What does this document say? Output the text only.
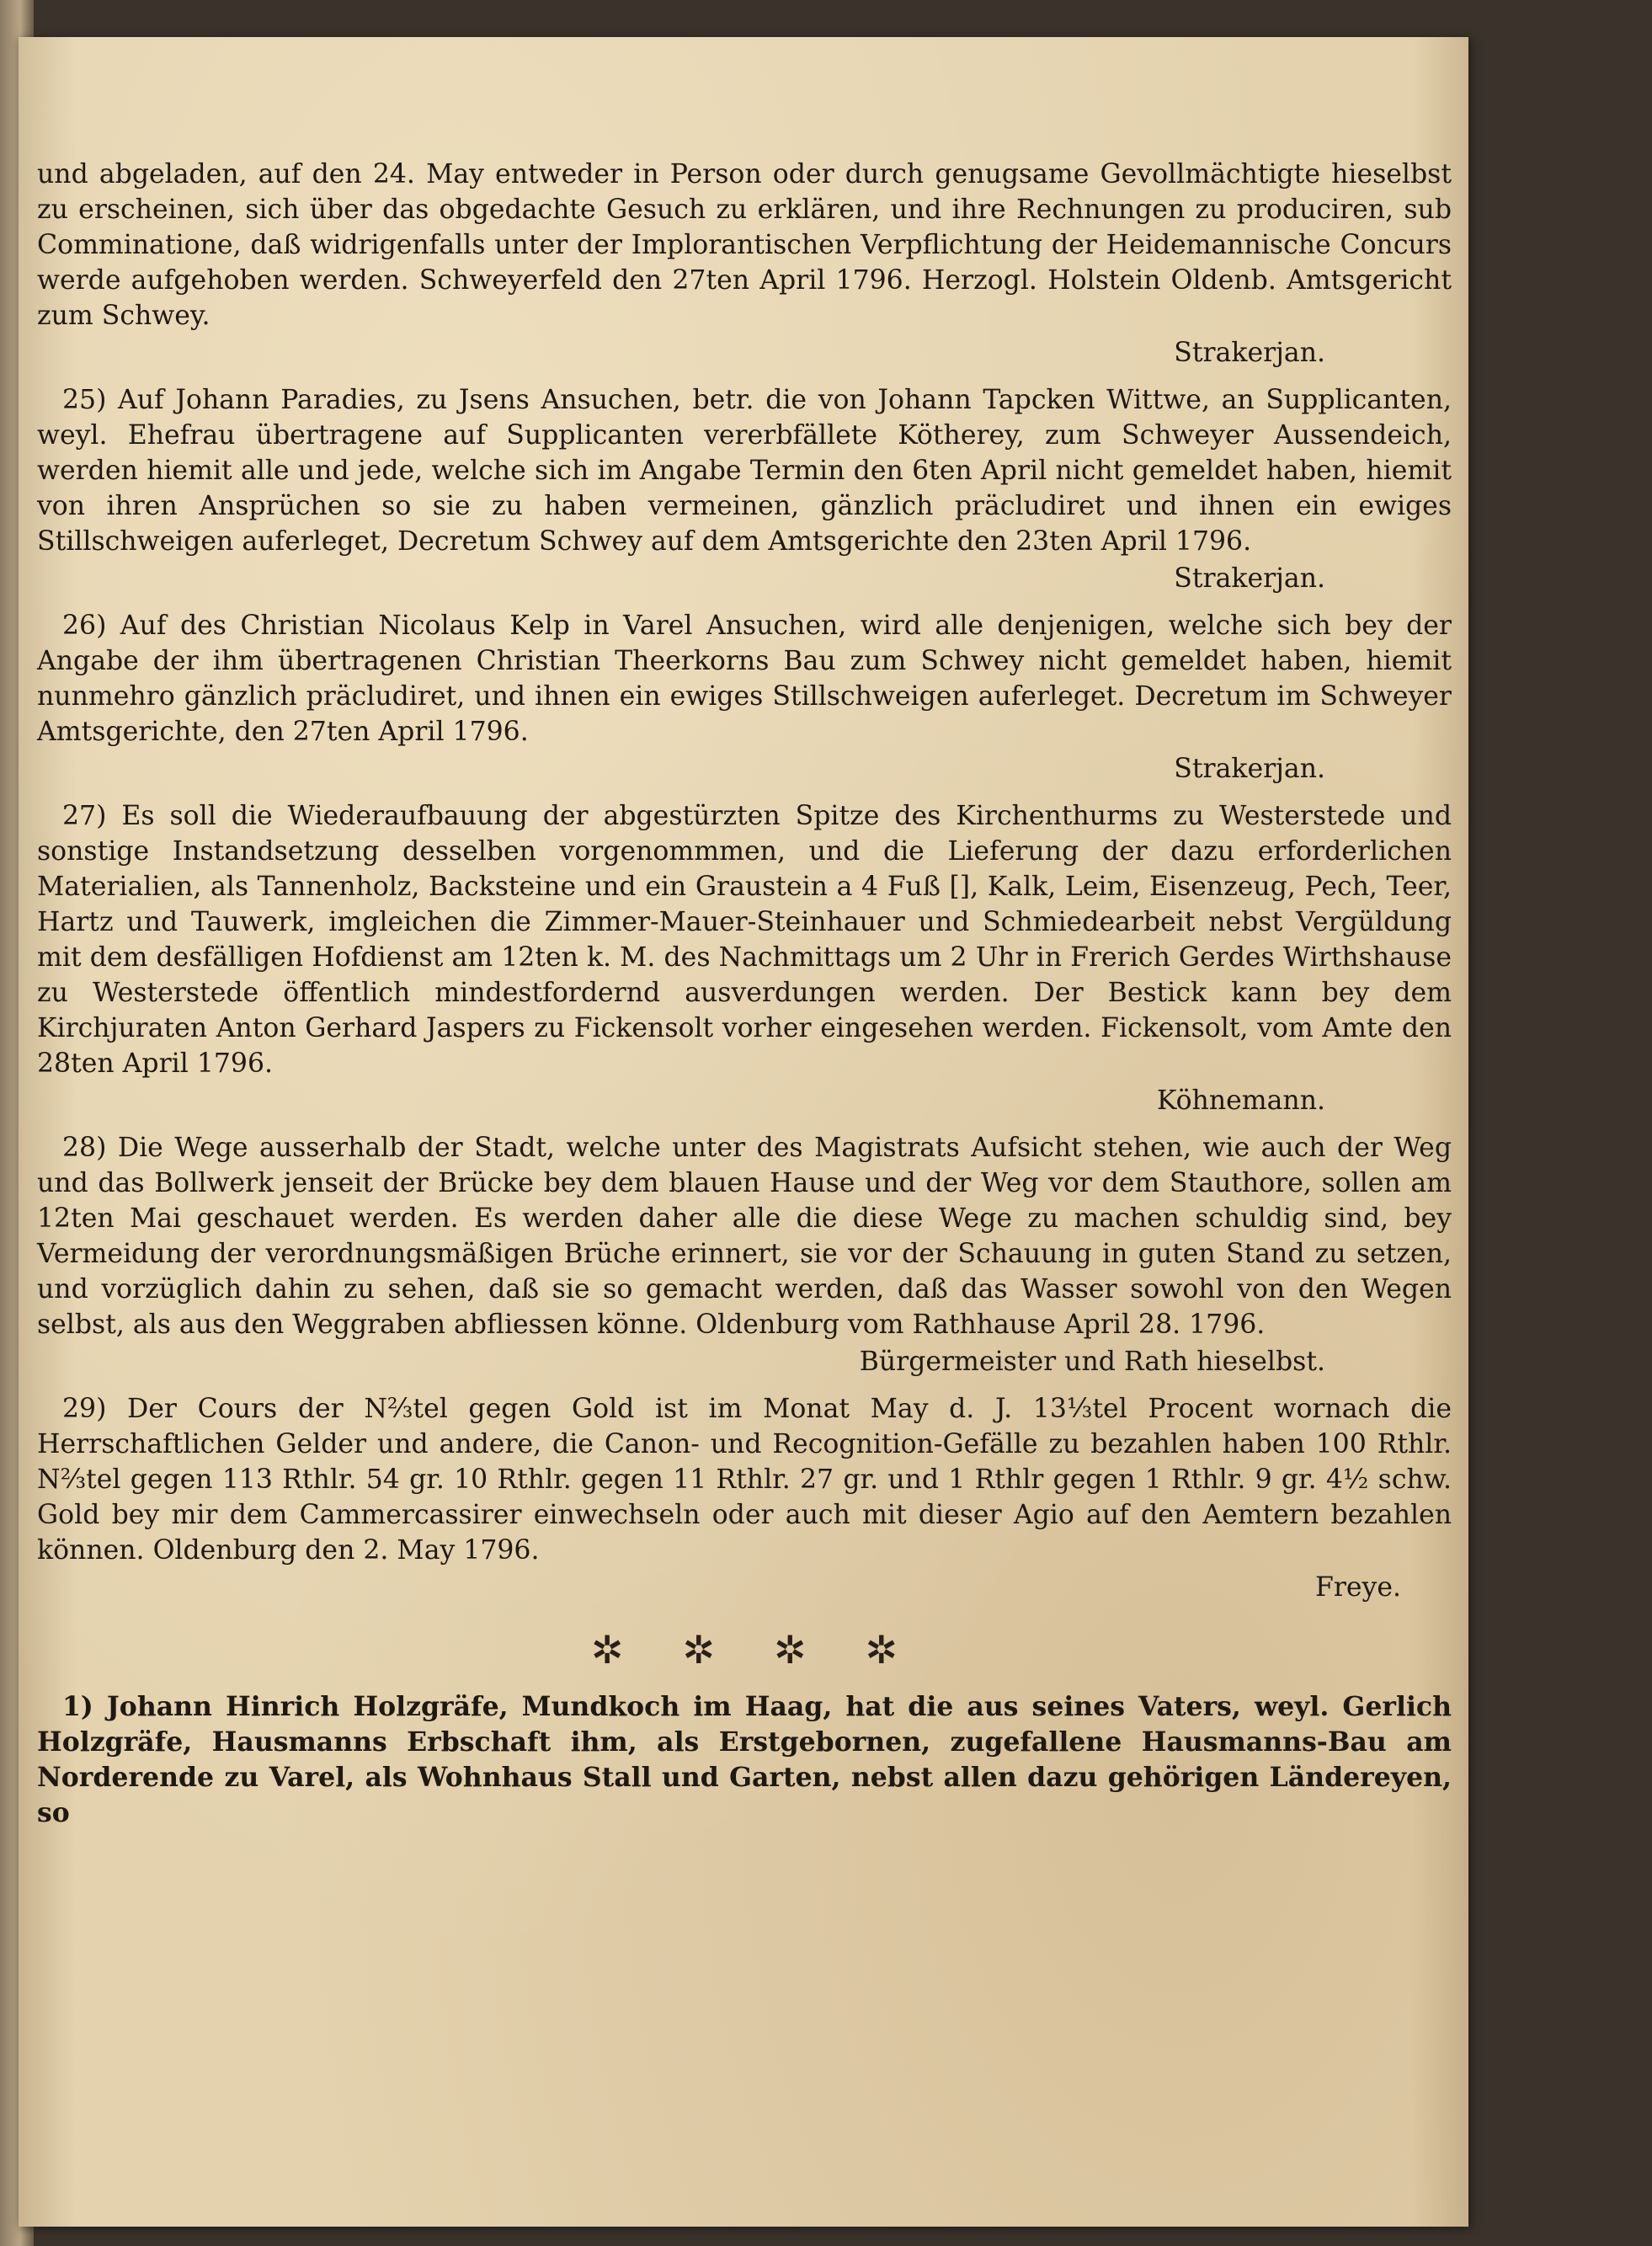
und abgeladen, auf den 24. May entweder in Person oder durch genugsame Gevollmächtigte hieselbst zu erscheinen, sich über das obgedachte Gesuch zu erklären, und ihre Rechnungen zu produciren, sub Comminatione, daß widrigenfalls unter der Implorantischen Verpflichtung der Heidemannische Concurs werde aufgehoben werden. Schweyerfeld den 27ten April 1796. Herzogl. Holstein Oldenb. Amtsgericht zum Schwey.

Strakerjan.

25) Auf Johann Paradies, zu Jsens Ansuchen, betr. die von Johann Tapcken Wittwe, an Supplicanten, weyl. Ehefrau übertragene auf Supplicanten vererbfällete Kötherey, zum Schweyer Aussendeich, werden hiemit alle und jede, welche sich im Angabe Termin den 6ten April nicht gemeldet haben, hiemit von ihren Ansprüchen so sie zu haben vermeinen, gänzlich präcludiret und ihnen ein ewiges Stillschweigen auferleget, Decretum Schwey auf dem Amtsgerichte den 23ten April 1796.

Strakerjan.

26) Auf des Christian Nicolaus Kelp in Varel Ansuchen, wird alle denjenigen, welche sich bey der Angabe der ihm übertragenen Christian Theerkorns Bau zum Schwey nicht gemeldet haben, hiemit nunmehro gänzlich präcludiret, und ihnen ein ewiges Stillschweigen auferleget. Decretum im Schweyer Amtsgerichte, den 27ten April 1796.

Strakerjan.

27) Es soll die Wiederaufbauung der abgestürzten Spitze des Kirchenthurms zu Westerstede und sonstige Instandsetzung desselben vorgenommmen, und die Lieferung der dazu erforderlichen Materialien, als Tannenholz, Backsteine und ein Graustein a 4 Fuß [], Kalk, Leim, Eisenzeug, Pech, Teer, Hartz und Tauwerk, imgleichen die Zimmer-Mauer-Steinhauer und Schmiedearbeit nebst Vergüldung mit dem desfälligen Hofdienst am 12ten k. M. des Nachmittags um 2 Uhr in Frerich Gerdes Wirthshause zu Westerstede öffentlich mindestfordernd ausverdungen werden. Der Bestick kann bey dem Kirchjuraten Anton Gerhard Jaspers zu Fickensolt vorher eingesehen werden. Fickensolt, vom Amte den 28ten April 1796.

Köhnemann.

28) Die Wege ausserhalb der Stadt, welche unter des Magistrats Aufsicht stehen, wie auch der Weg und das Bollwerk jenseit der Brücke bey dem blauen Hause und der Weg vor dem Stauthore, sollen am 12ten Mai geschauet werden. Es werden daher alle die diese Wege zu machen schuldig sind, bey Vermeidung der verordnungsmäßigen Brüche erinnert, sie vor der Schauung in guten Stand zu setzen, und vorzüglich dahin zu sehen, daß sie so gemacht werden, daß das Wasser sowohl von den Wegen selbst, als aus den Weggraben abfliessen könne. Oldenburg vom Rathhause April 28. 1796.

Bürgermeister und Rath hieselbst.

29) Der Cours der N⅔tel gegen Gold ist im Monat May d. J. 13⅓tel Procent wornach die Herrschaftlichen Gelder und andere, die Canon- und Recognition-Gefälle zu bezahlen haben 100 Rthlr. N⅔tel gegen 113 Rthlr. 54 gr. 10 Rthlr. gegen 11 Rthlr. 27 gr. und 1 Rthlr gegen 1 Rthlr. 9 gr. 4½ schw. Gold bey mir dem Cammercassirer einwechseln oder auch mit dieser Agio auf den Aemtern bezahlen können. Oldenburg den 2. May 1796.

Freye.
✲ ✲ ✲ ✲

1) Johann Hinrich Holzgräfe, Mundkoch im Haag, hat die aus seines Vaters, weyl. Gerlich Holzgräfe, Hausmanns Erbschaft ihm, als Erstgebornen, zugefallene Hausmanns-Bau am Norderende zu Varel, als Wohnhaus Stall und Garten, nebst allen dazu gehörigen Ländereyen, so
